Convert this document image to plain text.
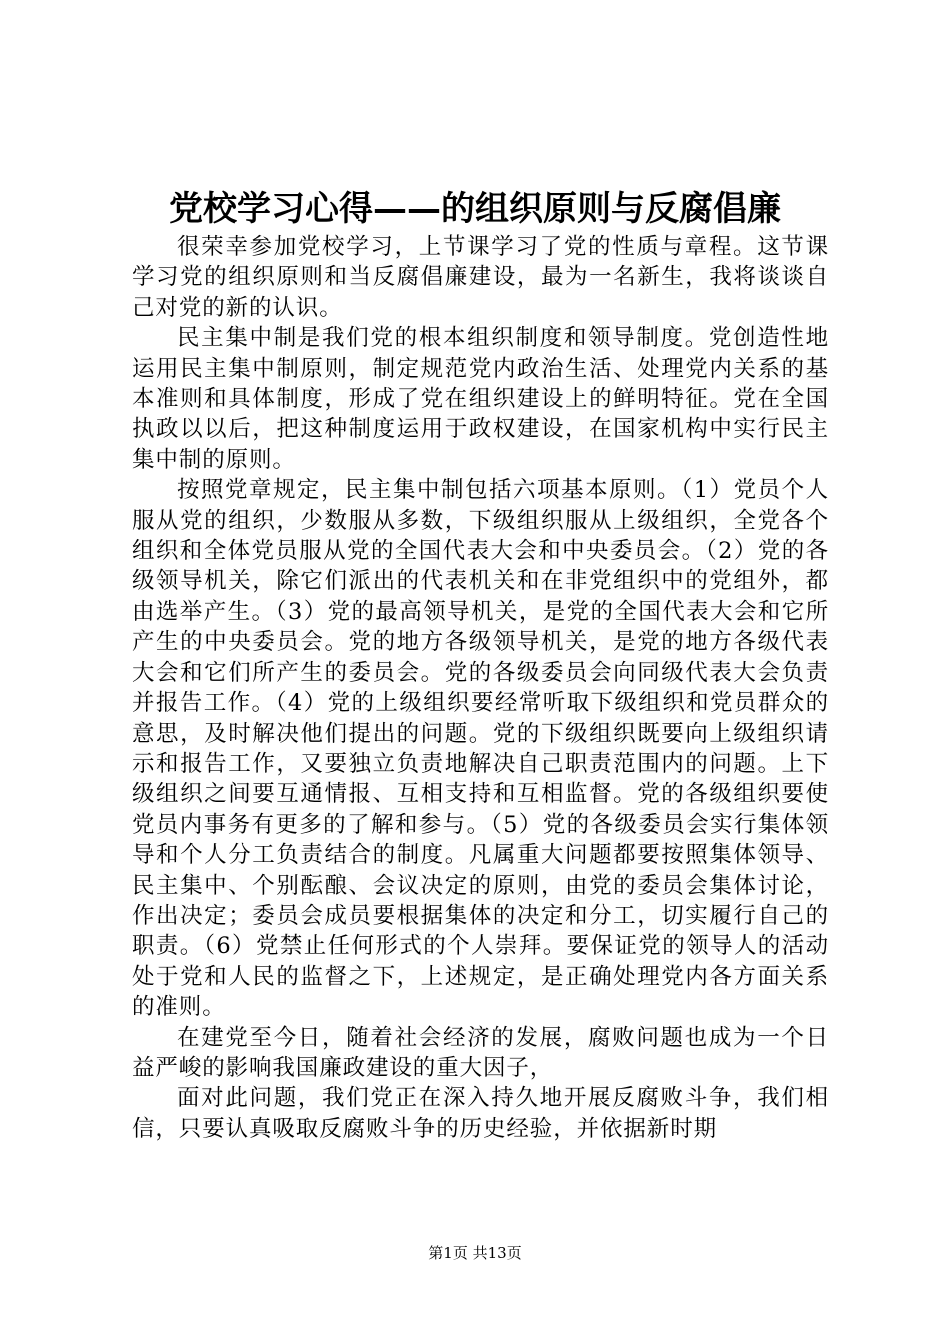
党校学习心得——的组织原则与反腐倡廉

很荣幸参加党校学习，上节课学习了党的性质与章程。这节课学习党的组织原则和当反腐倡廉建设，最为一名新生，我将谈谈自己对党的新的认识。

民主集中制是我们党的根本组织制度和领导制度。党创造性地运用民主集中制原则，制定规范党内政治生活、处理党内关系的基本准则和具体制度，形成了党在组织建设上的鲜明特征。党在全国执政以以后，把这种制度运用于政权建设，在国家机构中实行民主集中制的原则。

按照党章规定，民主集中制包括六项基本原则。（1）党员个人服从党的组织，少数服从多数，下级组织服从上级组织，全党各个组织和全体党员服从党的全国代表大会和中央委员会。（2）党的各级领导机关，除它们派出的代表机关和在非党组织中的党组外，都由选举产生。（3）党的最高领导机关，是党的全国代表大会和它所产生的中央委员会。党的地方各级领导机关，是党的地方各级代表大会和它们所产生的委员会。党的各级委员会向同级代表大会负责并报告工作。（4）党的上级组织要经常听取下级组织和党员群众的意思，及时解决他们提出的问题。党的下级组织既要向上级组织请示和报告工作，又要独立负责地解决自己职责范围内的问题。上下级组织之间要互通情报、互相支持和互相监督。党的各级组织要使党员内事务有更多的了解和参与。（5）党的各级委员会实行集体领导和个人分工负责结合的制度。凡属重大问题都要按照集体领导、民主集中、个别酝酿、会议决定的原则，由党的委员会集体讨论，作出决定；委员会成员要根据集体的决定和分工，切实履行自己的职责。（6）党禁止任何形式的个人崇拜。要保证党的领导人的活动处于党和人民的监督之下，上述规定，是正确处理党内各方面关系的准则。

在建党至今日，随着社会经济的发展，腐败问题也成为一个日益严峻的影响我国廉政建设的重大因子，

面对此问题，我们党正在深入持久地开展反腐败斗争，我们相信，只要认真吸取反腐败斗争的历史经验，并依据新时期

第1页 共13页
